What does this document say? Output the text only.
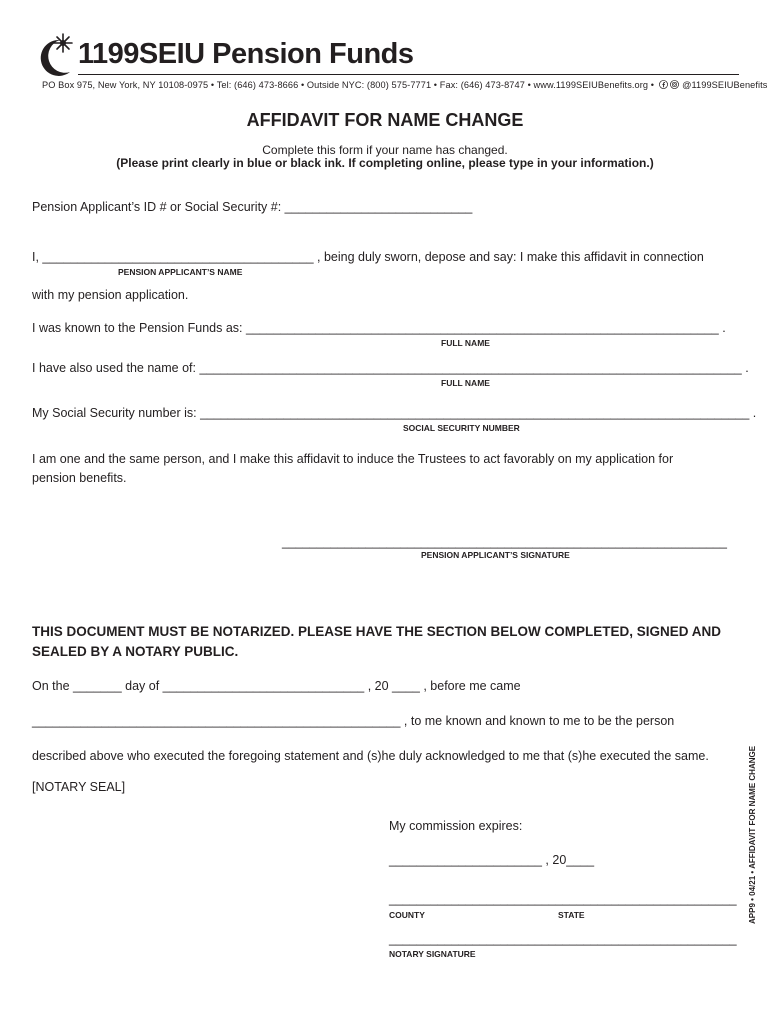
1199SEIU Pension Funds
PO Box 975, New York, NY 10108-0975 • Tel: (646) 473-8666 • Outside NYC: (800) 575-7771 • Fax: (646) 473-8747 • www.1199SEIUBenefits.org •	@1199SEIUBenefits
AFFIDAVIT FOR NAME CHANGE
Complete this form if your name has changed.
(Please print clearly in blue or black ink. If completing online, please type in your information.)
Pension Applicant’s ID # or Social Security #: ___________________________
I, _______________________________________ , being duly sworn, depose and say: I make this affidavit in connection
PENSION APPLICANT’S NAME
with my pension application.
I was known to the Pension Funds as: ____________________________________________________________________ .
FULL NAME
I have also used the name of: ______________________________________________________________________________ .
FULL NAME
My Social Security number is: _______________________________________________________________________________ .
SOCIAL SECURITY NUMBER
I am one and the same person, and I make this affidavit to induce the Trustees to act favorably on my application for pension benefits.
________________________________________________________________
PENSION APPLICANT’S SIGNATURE
THIS DOCUMENT MUST BE NOTARIZED. PLEASE HAVE THE SECTION BELOW COMPLETED, SIGNED AND SEALED BY A NOTARY PUBLIC.
On the _______ day of _____________________________ , 20 ____ , before me came
_____________________________________________________ , to me known and known to me to be the person
described above who executed the foregoing statement and (s)he duly acknowledged to me that (s)he executed the same.
[NOTARY SEAL]
My commission expires:
______________________ , 20____
__________________________________________________
COUNTY	STATE
__________________________________________________
NOTARY SIGNATURE
APP9 • 04/21 • AFFIDAVIT FOR NAME CHANGE
